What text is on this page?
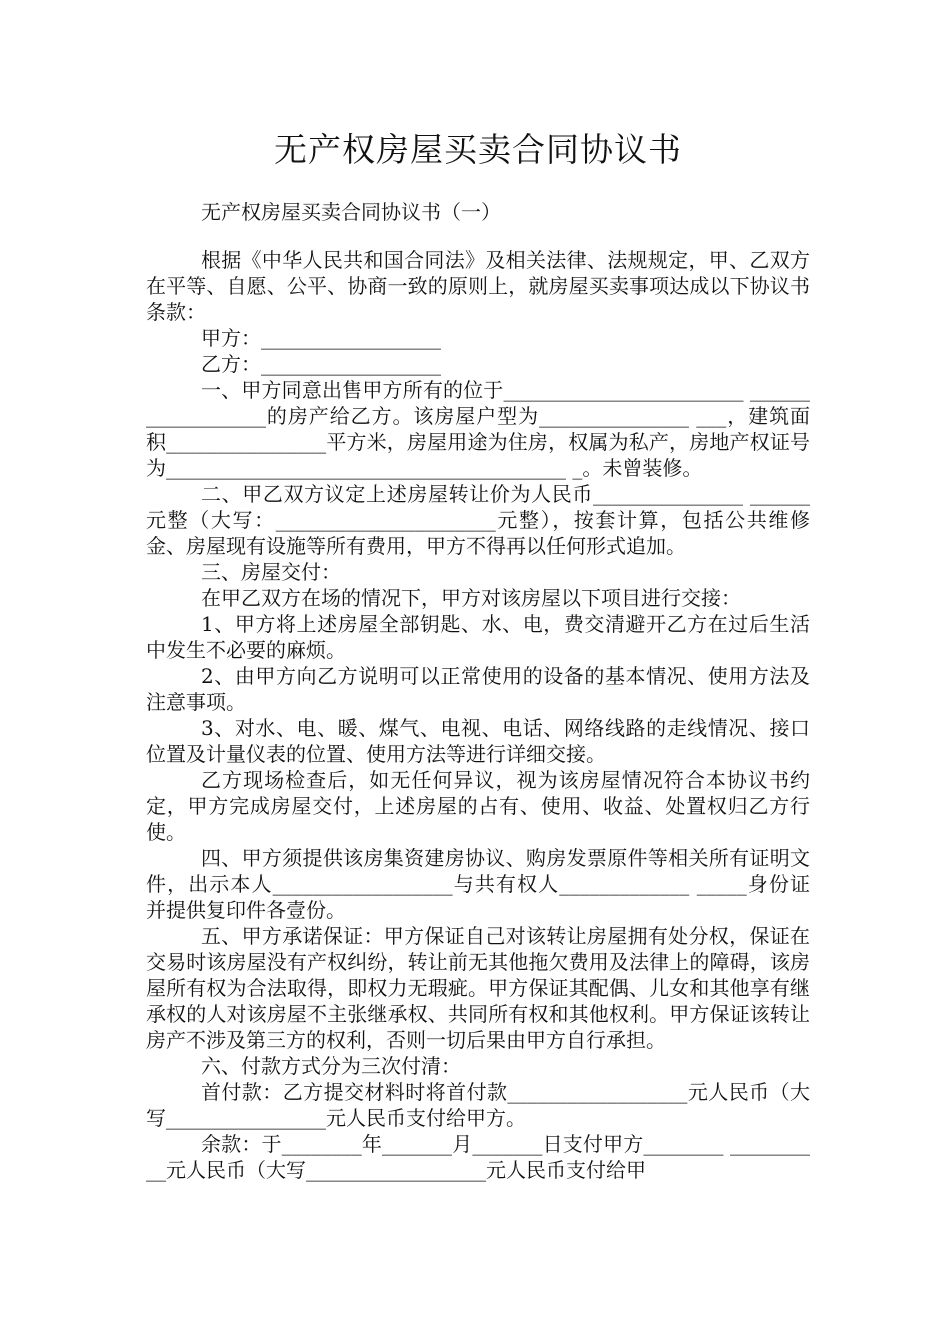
无产权房屋买卖合同协议书

无产权房屋买卖合同协议书（一）

根据《中华人民共和国合同法》及相关法律、法规规定，甲、乙双方在平等、自愿、公平、协商一致的原则上，就房屋买卖事项达成以下协议书条款：

甲方：__________________

乙方：__________________

一、甲方同意出售甲方所有的位于________________________ __________________的房产给乙方。该房屋户型为_______________ ___，建筑面积________________平方米，房屋用途为住房，权属为私产，房地产权证号为________________________________________ _。未曾装修。

二、甲乙双方议定上述房屋转让价为人民币_______________ ______元整（大写：______________________元整），按套计算，包括公共维修金、房屋现有设施等所有费用，甲方不得再以任何形式追加。

三、房屋交付：

在甲乙双方在场的情况下，甲方对该房屋以下项目进行交接：

1、甲方将上述房屋全部钥匙、水、电，费交清避开乙方在过后生活中发生不必要的麻烦。

2、由甲方向乙方说明可以正常使用的设备的基本情况、使用方法及注意事项。

3、对水、电、暖、煤气、电视、电话、网络线路的走线情况、接口位置及计量仪表的位置、使用方法等进行详细交接。

乙方现场检查后，如无任何异议，视为该房屋情况符合本协议书约定，甲方完成房屋交付，上述房屋的占有、使用、收益、处置权归乙方行使。

四、甲方须提供该房集资建房协议、购房发票原件等相关所有证明文件，出示本人__________________与共有权人_____________ _____身份证并提供复印件各壹份。

五、甲方承诺保证：甲方保证自己对该转让房屋拥有处分权，保证在交易时该房屋没有产权纠纷，转让前无其他拖欠费用及法律上的障碍，该房屋所有权为合法取得，即权力无瑕疵。甲方保证其配偶、儿女和其他享有继承权的人对该房屋不主张继承权、共同所有权和其他权利。甲方保证该转让房产不涉及第三方的权利，否则一切后果由甲方自行承担。

六、付款方式分为三次付清：

首付款：乙方提交材料时将首付款__________________元人民币（大写________________元人民币支付给甲方。

余款：于________年_______月_______日支付甲方________ __________元人民币（大写__________________元人民币支付给甲
